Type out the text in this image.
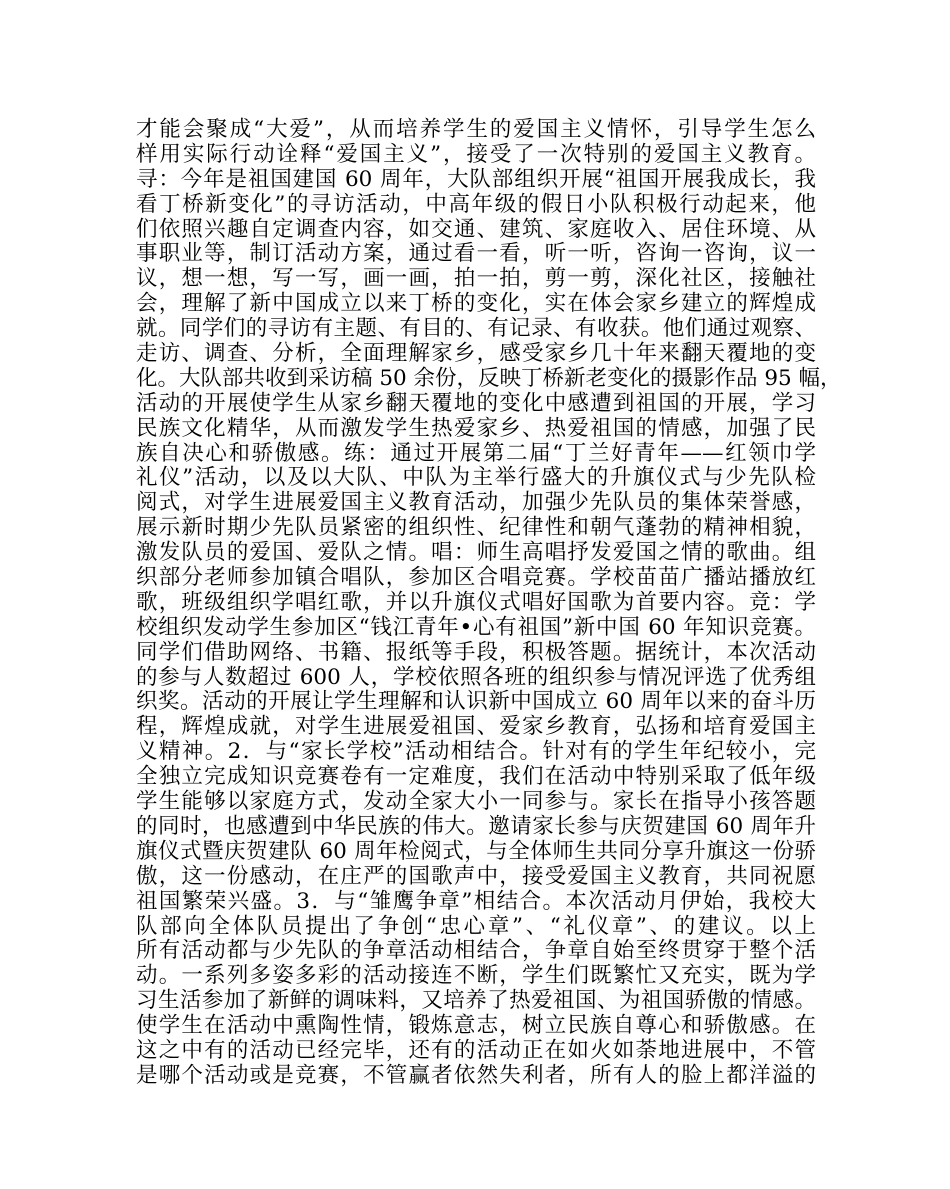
才能会聚成“大爱”，从而培养学生的爱国主义情怀，引导学生怎么
样用实际行动诠释“爱国主义”，接受了一次特别的爱国主义教育。
寻：今年是祖国建国 60 周年，大队部组织开展“祖国开展我成长，我
看丁桥新变化”的寻访活动，中高年级的假日小队积极行动起来，他
们依照兴趣自定调查内容，如交通、建筑、家庭收入、居住环境、从
事职业等，制订活动方案，通过看一看，听一听，咨询一咨询，议一
议，想一想，写一写，画一画，拍一拍，剪一剪，深化社区，接触社
会，理解了新中国成立以来丁桥的变化，实在体会家乡建立的辉煌成
就。同学们的寻访有主题、有目的、有记录、有收获。他们通过观察、
走访、调查、分析，全面理解家乡，感受家乡几十年来翻天覆地的变
化。大队部共收到采访稿 50 余份，反映丁桥新老变化的摄影作品 95 幅，
活动的开展使学生从家乡翻天覆地的变化中感遭到祖国的开展，学习
民族文化精华，从而激发学生热爱家乡、热爱祖国的情感，加强了民
族自决心和骄傲感。练：通过开展第二届“丁兰好青年——红领巾学
礼仪”活动，以及以大队、中队为主举行盛大的升旗仪式与少先队检
阅式，对学生进展爱国主义教育活动，加强少先队员的集体荣誉感，
展示新时期少先队员紧密的组织性、纪律性和朝气蓬勃的精神相貌，
激发队员的爱国、爱队之情。唱：师生高唱抒发爱国之情的歌曲。组
织部分老师参加镇合唱队，参加区合唱竞赛。学校苗苗广播站播放红
歌，班级组织学唱红歌，并以升旗仪式唱好国歌为首要内容。竞：学
校组织发动学生参加区“钱江青年•心有祖国”新中国 60 年知识竞赛。
同学们借助网络、书籍、报纸等手段，积极答题。据统计，本次活动
的参与人数超过 600 人，学校依照各班的组织参与情况评选了优秀组
织奖。活动的开展让学生理解和认识新中国成立 60 周年以来的奋斗历
程，辉煌成就，对学生进展爱祖国、爱家乡教育，弘扬和培育爱国主
义精神。2．与“家长学校”活动相结合。针对有的学生年纪较小，完
全独立完成知识竞赛卷有一定难度，我们在活动中特别采取了低年级
学生能够以家庭方式，发动全家大小一同参与。家长在指导小孩答题
的同时，也感遭到中华民族的伟大。邀请家长参与庆贺建国 60 周年升
旗仪式暨庆贺建队 60 周年检阅式，与全体师生共同分享升旗这一份骄
傲，这一份感动，在庄严的国歌声中，接受爱国主义教育，共同祝愿
祖国繁荣兴盛。3．与“雏鹰争章”相结合。本次活动月伊始，我校大
队部向全体队员提出了争创“忠心章”、“礼仪章”、的建议。以上
所有活动都与少先队的争章活动相结合，争章自始至终贯穿于整个活
动。一系列多姿多彩的活动接连不断，学生们既繁忙又充实，既为学
习生活参加了新鲜的调味料，又培养了热爱祖国、为祖国骄傲的情感。
使学生在活动中熏陶性情，锻炼意志，树立民族自尊心和骄傲感。在
这之中有的活动已经完毕，还有的活动正在如火如荼地进展中，不管
是哪个活动或是竞赛，不管赢者依然失利者，所有人的脸上都洋溢的
